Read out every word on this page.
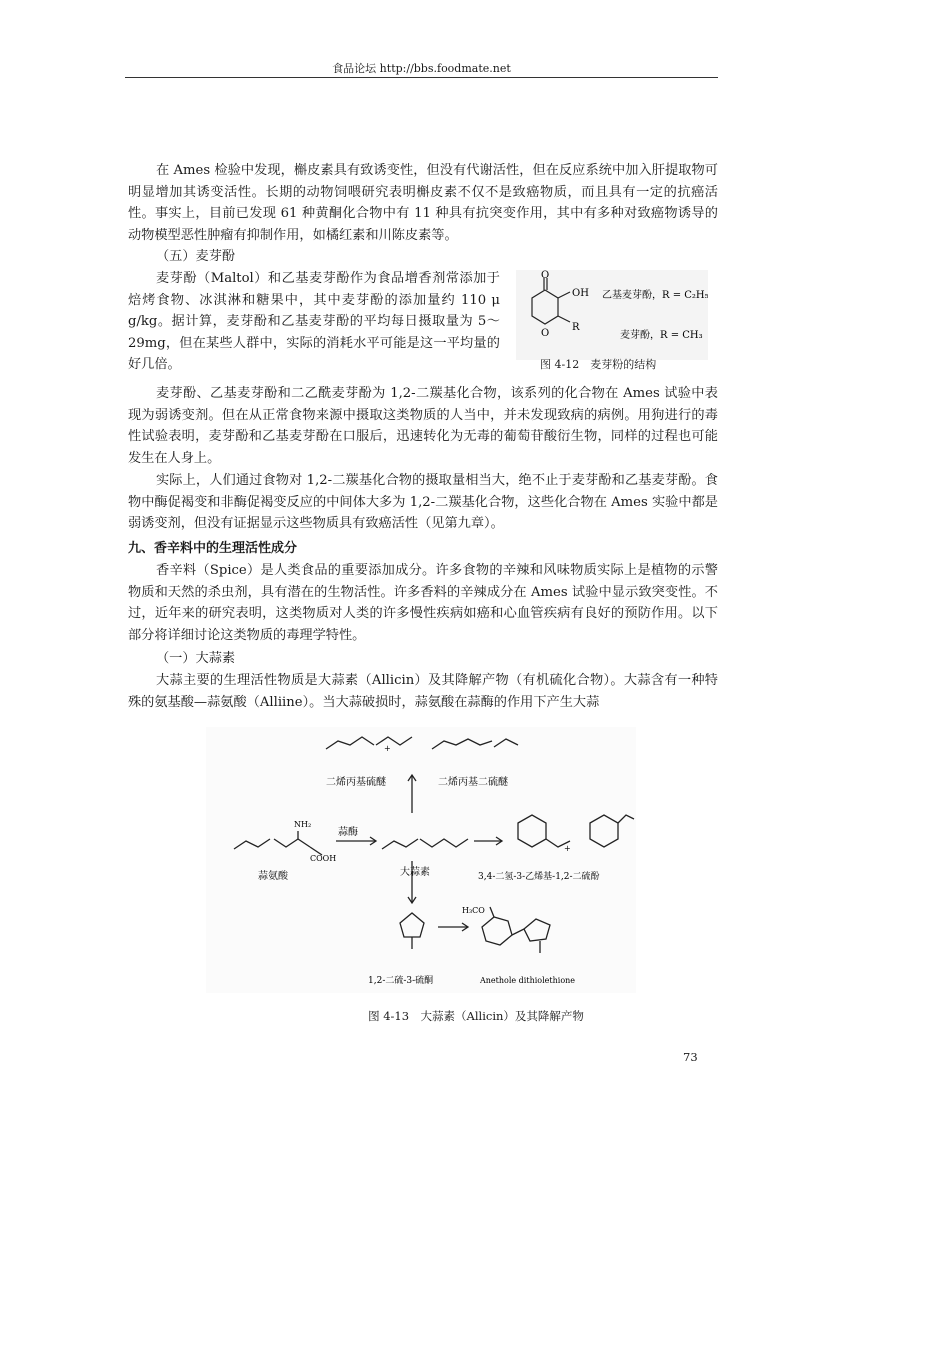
食品论坛 http://bbs.foodmate.net

在 Ames 检验中发现，槲皮素具有致诱变性，但没有代谢活性，但在反应系统中加入肝提取物可明显增加其诱变活性。长期的动物饲喂研究表明槲皮素不仅不是致癌物质，而且具有一定的抗癌活性。事实上，目前已发现 61 种黄酮化合物中有 11 种具有抗突变作用，其中有多种对致癌物诱导的动物模型恶性肿瘤有抑制作用，如橘红素和川陈皮素等。

（五）麦芽酚

麦芽酚（Maltol）和乙基麦芽酚作为食品增香剂常添加于焙烤食物、冰淇淋和糖果中，其中麦芽酚的添加量约 110 μ g/kg。据计算，麦芽酚和乙基麦芽酚的平均每日摄取量为 5～29mg，但在某些人群中，实际的消耗水平可能是这一平均量的好几倍。

O
OH
O
R
乙基麦芽酚，R = C₂H₅
麦芽酚，R = CH₃
图 4-12　麦芽粉的结构

麦芽酚、乙基麦芽酚和二乙酰麦芽酚为 1,2-二羰基化合物，该系列的化合物在 Ames 试验中表现为弱诱变剂。但在从正常食物来源中摄取这类物质的人当中，并未发现致病的病例。用狗进行的毒性试验表明，麦芽酚和乙基麦芽酚在口服后，迅速转化为无毒的葡萄苷酸衍生物，同样的过程也可能发生在人身上。

实际上，人们通过食物对 1,2-二羰基化合物的摄取量相当大，绝不止于麦芽酚和乙基麦芽酚。食物中酶促褐变和非酶促褐变反应的中间体大多为 1,2-二羰基化合物，这些化合物在 Ames 实验中都是弱诱变剂，但没有证据显示这些物质具有致癌活性（见第九章）。

九、香辛料中的生理活性成分

香辛料（Spice）是人类食品的重要添加成分。许多食物的辛辣和风味物质实际上是植物的示警物质和天然的杀虫剂，具有潜在的生物活性。许多香料的辛辣成分在 Ames 试验中显示致突变性。不过，近年来的研究表明，这类物质对人类的许多慢性疾病如癌和心血管疾病有良好的预防作用。以下部分将详细讨论这类物质的毒理学特性。

（一）大蒜素

大蒜主要的生理活性物质是大蒜素（Allicin）及其降解产物（有机硫化合物）。大蒜含有一种特殊的氨基酸—蒜氨酸（Alliine）。当大蒜破损时，蒜氨酸在蒜酶的作用下产生大蒜

+
+
二烯丙基硫醚	二烯丙基二硫醚
NH₂
COOH
蒜酶
蒜氨酸	大蒜素	3,4-二氢-3-乙烯基-1,2-二硫酚
H₃CO
1,2-二硫-3-硫酮	Anethole dithiolethione
图 4-13　大蒜素（Allicin）及其降解产物
73
